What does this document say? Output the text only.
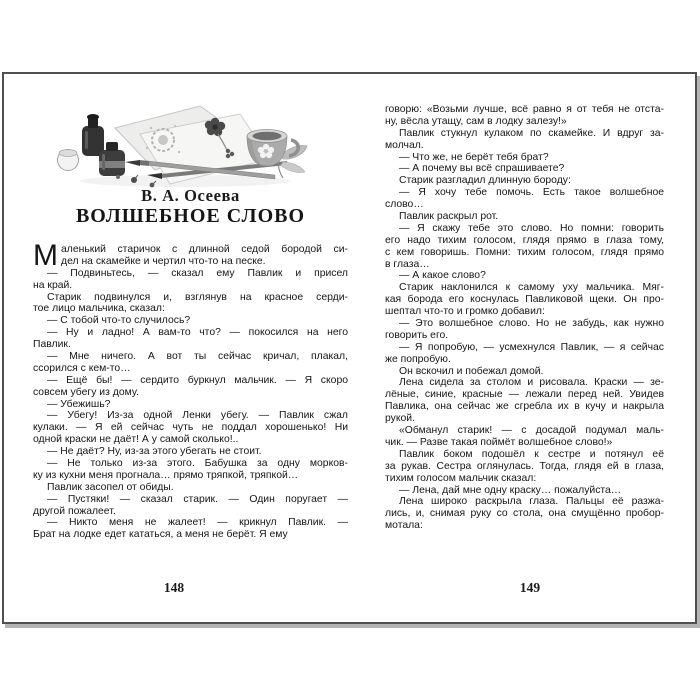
В. А. Осеева
ВОЛШЕБНОЕ СЛОВО
М аленький старичок с длинной седой бородой си-
дел на скамейке и чертил что-то на песке.
— Подвиньтесь, — сказал ему Павлик и присел
на край.
Старик подвинулся и, взглянув на красное серди-
тое лицо мальчика, сказал:
— С тобой что-то случилось?
— Ну и ладно! А вам-то что? — покосился на него
Павлик.
— Мне ничего. А вот ты сейчас кричал, плакал,
ссорился с кем-то…
— Ещё бы! — сердито буркнул мальчик. — Я скоро
совсем убегу из дому.
— Убежишь?
— Убегу! Из-за одной Ленки убегу. — Павлик сжал
кулаки. — Я ей сейчас чуть не поддал хорошенько! Ни
одной краски не даёт! А у самой сколько!..
— Не даёт? Ну, из-за этого убегать не стоит.
— Не только из-за этого. Бабушка за одну морков-
ку из кухни меня прогнала… прямо тряпкой, тряпкой…
Павлик засопел от обиды.
— Пустяки! — сказал старик. — Один поругает —
другой пожалеет.
— Никто меня не жалеет! — крикнул Павлик. —
Брат на лодке едет кататься, а меня не берёт. Я ему
148
говорю: «Возьми лучше, всё равно я от тебя не отста-
ну, вёсла утащу, сам в лодку залезу!»
Павлик стукнул кулаком по скамейке. И вдруг за-
молчал.
— Что же, не берёт тебя брат?
— А почему вы всё спрашиваете?
Старик разгладил длинную бороду:
— Я хочу тебе помочь. Есть такое волшебное
слово…
Павлик раскрыл рот.
— Я скажу тебе это слово. Но помни: говорить
его надо тихим голосом, глядя прямо в глаза тому,
с кем говоришь. Помни: тихим голосом, глядя прямо
в глаза…
— А какое слово?
Старик наклонился к самому уху мальчика. Мяг-
кая борода его коснулась Павликовой щеки. Он про-
шептал что-то и громко добавил:
— Это волшебное слово. Но не забудь, как нужно
говорить его.
— Я попробую, — усмехнулся Павлик, — я сейчас
же попробую.
Он вскочил и побежал домой.
Лена сидела за столом и рисовала. Краски — зе-
лёные, синие, красные — лежали перед ней. Увидев
Павлика, она сейчас же сгребла их в кучу и накрыла
рукой.
«Обманул старик! — с досадой подумал маль-
чик. — Разве такая поймёт волшебное слово!»
Павлик боком подошёл к сестре и потянул её
за рукав. Сестра оглянулась. Тогда, глядя ей в глаза,
тихим голосом мальчик сказал:
— Лена, дай мне одну краску… пожалуйста…
Лена широко раскрыла глаза. Пальцы её разжа-
лись, и, снимая руку со стола, она смущённо пробор-
мотала:
149
